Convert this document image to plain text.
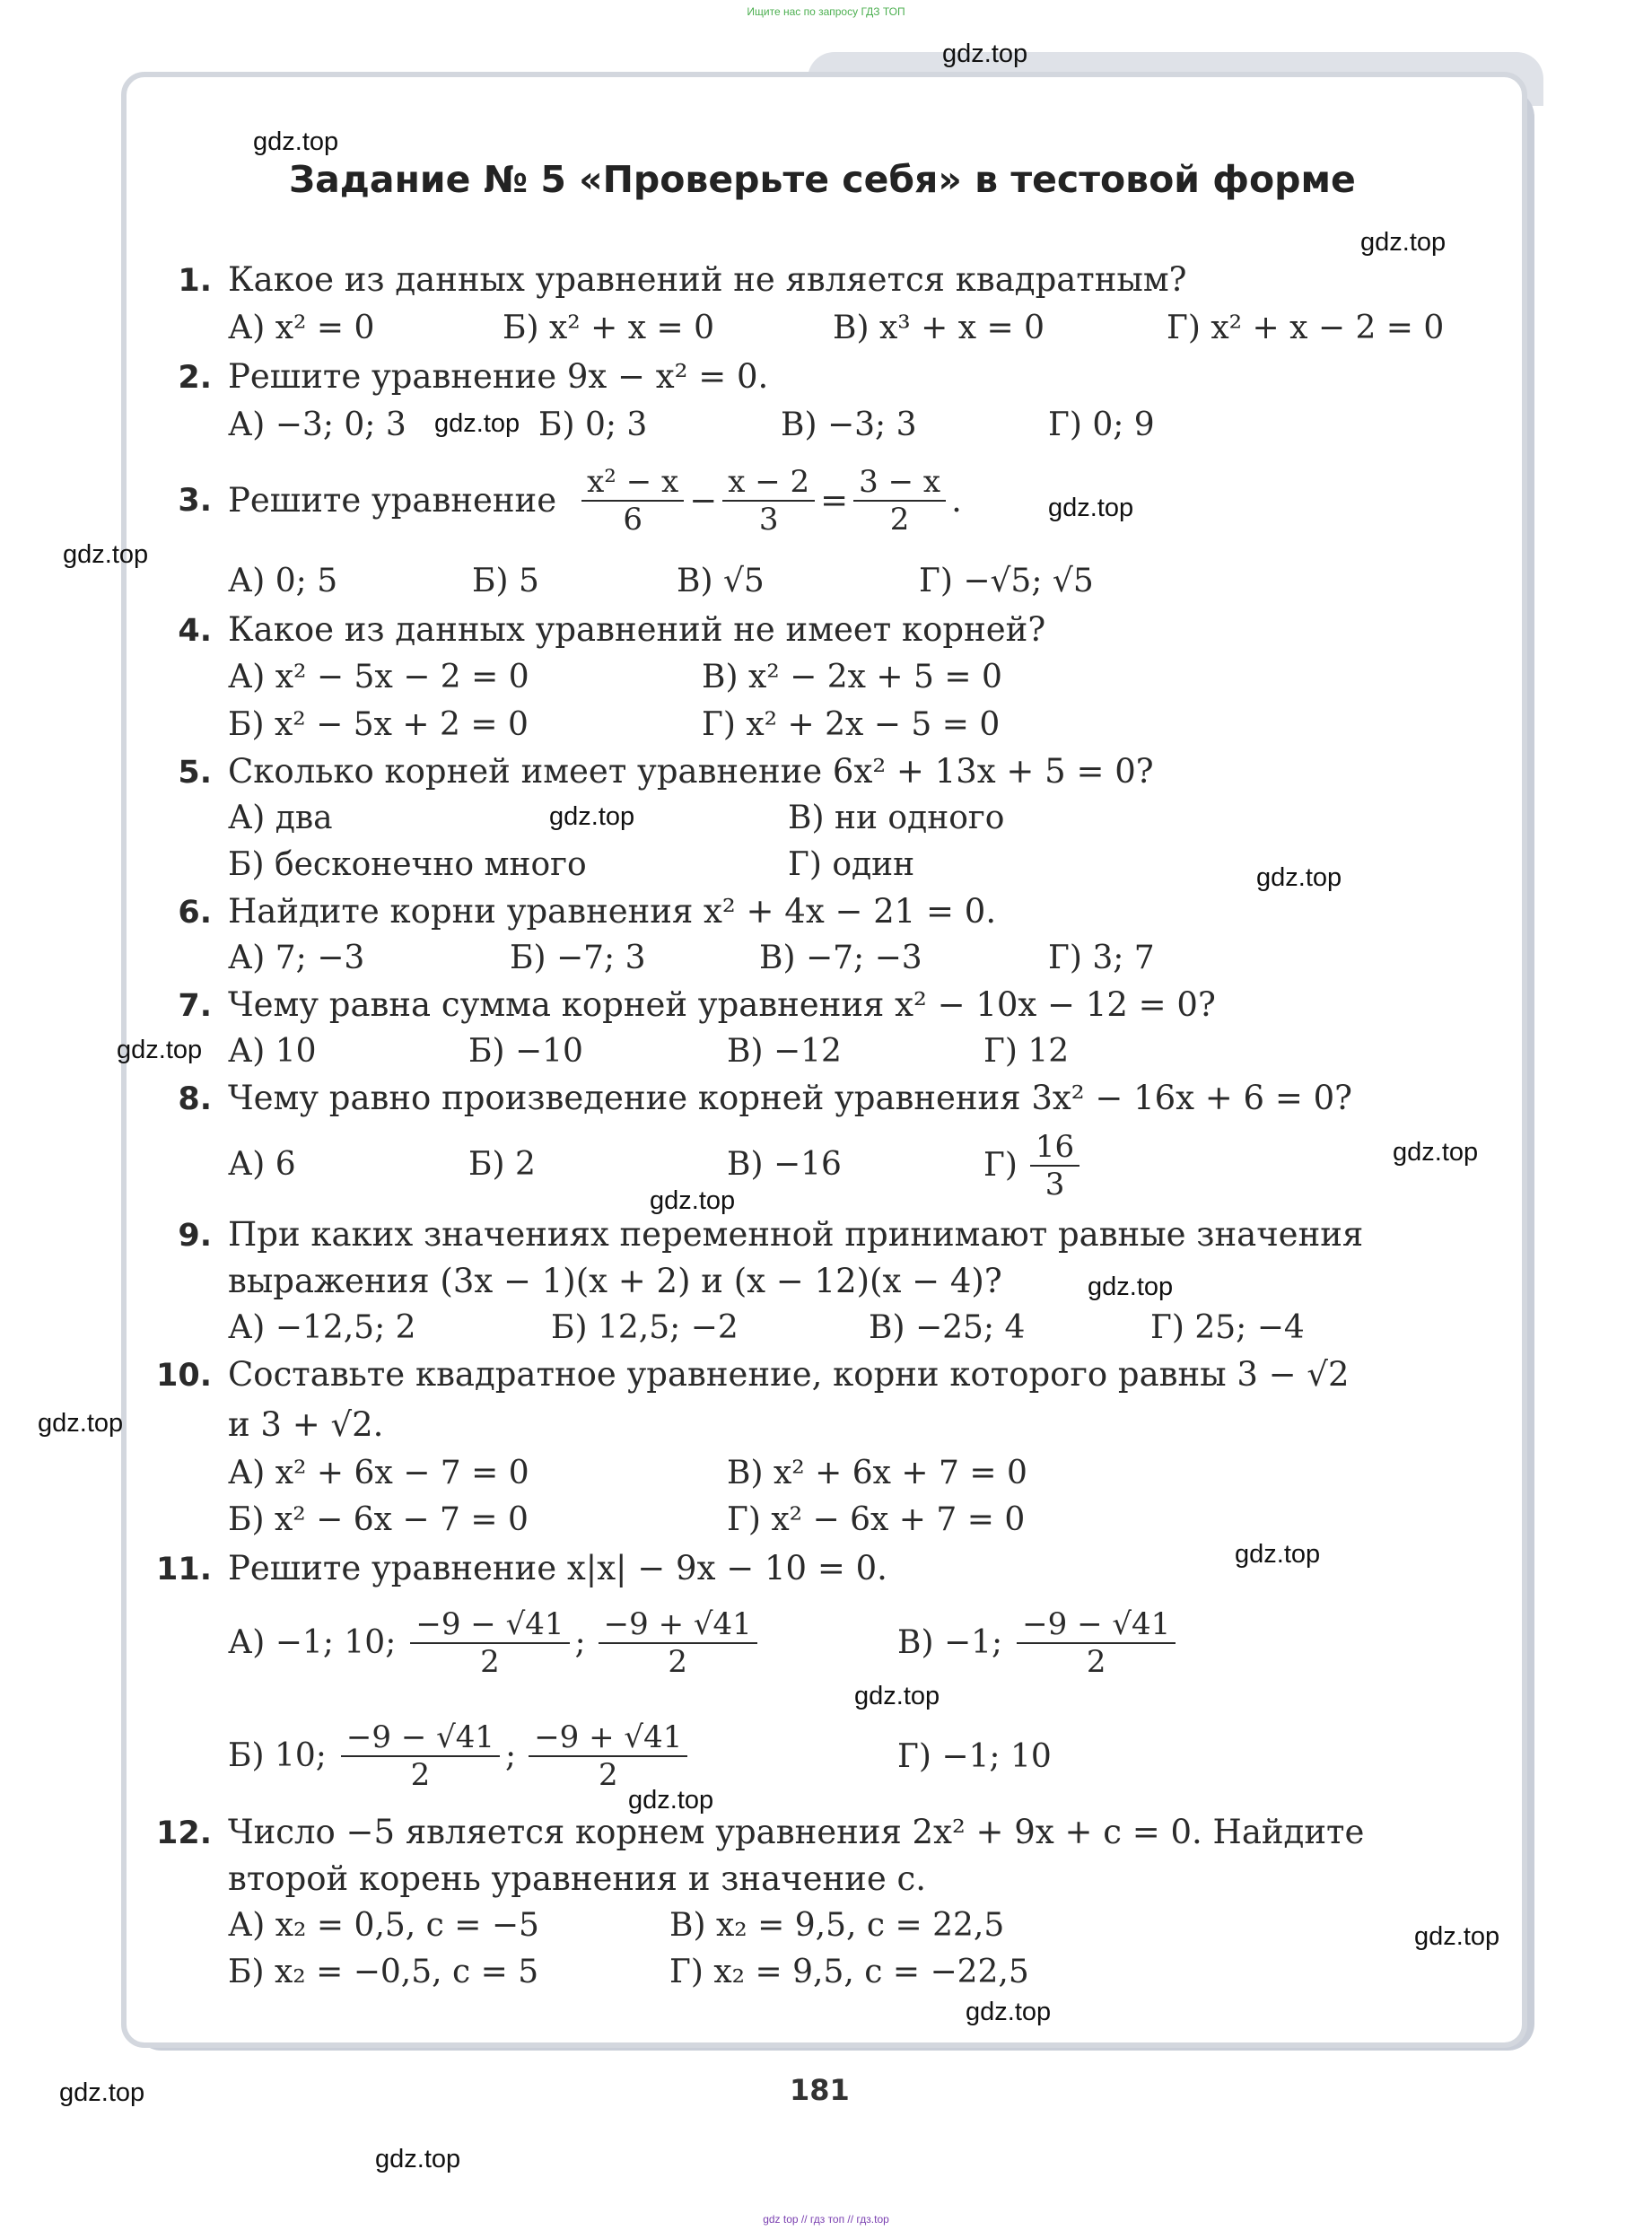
Ищите нас по запросу ГДЗ ТОП
Задание № 5 «Проверьте себя» в тестовой форме
1. Какое из данных уравнений не является квадратным?
А) x² = 0	Б) x² + x = 0	В) x³ + x = 0	Г) x² + x − 2 = 0
2. Решите уравнение 9x − x² = 0.
А) −3; 0; 3	Б) 0; 3	В) −3; 3	Г) 0; 9
3. Решите уравнение $\frac{\text{x² − x}}{6} - \frac{x - 2}{3} = \frac{3 - x}{2}$ .
А) 0; 5	Б) 5	В) √5	Г) −√5; √5
4. Какое из данных уравнений не имеет корней?
А) x² − 5x − 2 = 0	В) x² − 2x + 5 = 0
Б) x² − 5x + 2 = 0	Г) x² + 2x − 5 = 0
5. Сколько корней имеет уравнение 6x² + 13x + 5 = 0?
А) два	В) ни одного
Б) бесконечно много	Г) один
6. Найдите корни уравнения x² + 4x − 21 = 0.
А) 7; −3	Б) −7; 3	В) −7; −3	Г) 3; 7
7. Чему равна сумма корней уравнения x² − 10x − 12 = 0?
А) 10	Б) −10	В) −12	Г) 12
8. Чему равно произведение корней уравнения 3x² − 16x + 6 = 0?
А) 6	Б) 2	В) −16	$Г) \frac{16}{3}$
9. При каких значениях переменной принимают равные значения
выражения (3x − 1)(x + 2) и (x − 12)(x − 4)?
А) −12,5; 2	Б) 12,5; −2	В) −25; 4	Г) 25; −4
10. Составьте квадратное уравнение, корни которого равны 3 − √2
и 3 + √2.
А) x² + 6x − 7 = 0	В) x² + 6x + 7 = 0
Б) x² − 6x − 7 = 0	Г) x² − 6x + 7 = 0
11. Решите уравнение x|x| − 9x − 10 = 0.
А) −1; 10; $\frac{-9 - √41}{2}$ ; $\frac{-9 + √41}{2}$	В) −1; $\frac{-9 - √41}{2}$
Б) 10; $\frac{-9 - √41}{2}$ ; $\frac{-9 + √41}{2}$	Г) −1; 10
12. Число −5 является корнем уравнения 2x² + 9x + c = 0. Найдите
второй корень уравнения и значение c.
А) x₂ = 0,5, c = −5	В) x₂ = 9,5, c = 22,5
Б) x₂ = −0,5, c = 5	Г) x₂ = 9,5, c = −22,5
181
gdz.top
gdz.top
gdz.top
gdz.top
gdz.top
gdz.top
gdz.top
gdz.top
gdz.top
gdz.top
gdz.top
gdz.top
gdz.top
gdz.top
gdz.top
gdz.top
gdz.top
gdz.top
gdz.top
gdz.top
gdz top // гдз топ // гдз.top
